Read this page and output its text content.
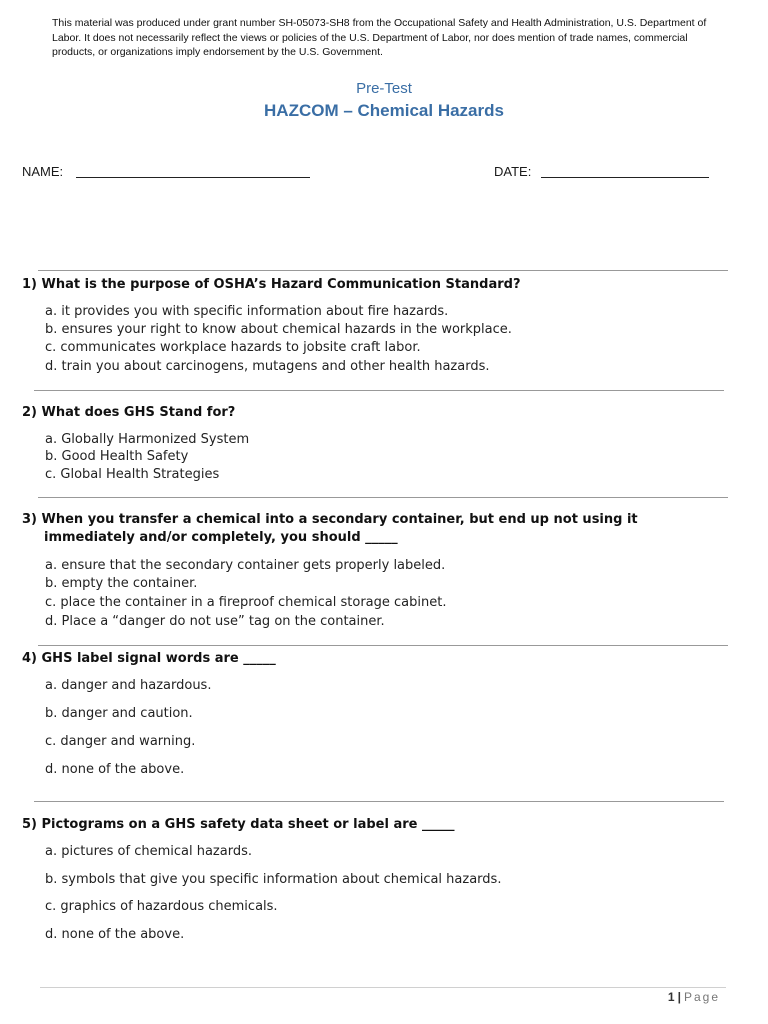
This material was produced under grant number SH-05073-SH8 from the Occupational Safety and Health Administration, U.S. Department of Labor. It does not necessarily reflect the views or policies of the U.S. Department of Labor, nor does mention of trade names, commercial products, or organizations imply endorsement by the U.S. Government.
Pre-Test
HAZCOM – Chemical Hazards
NAME:	DATE:
1) What is the purpose of OSHA’s Hazard Communication Standard?
a. it provides you with specific information about fire hazards.
b. ensures your right to know about chemical hazards in the workplace.
c. communicates workplace hazards to jobsite craft labor.
d. train you about carcinogens, mutagens and other health hazards.
2) What does GHS Stand for?
a. Globally Harmonized System
b. Good Health Safety
c. Global Health Strategies
3) When you transfer a chemical into a secondary container, but end up not using it immediately and/or completely, you should _____
a. ensure that the secondary container gets properly labeled.
b. empty the container.
c. place the container in a fireproof chemical storage cabinet.
d. Place a “danger do not use” tag on the container.
4) GHS label signal words are _____
a. danger and hazardous.
b. danger and caution.
c. danger and warning.
d. none of the above.
5) Pictograms on a GHS safety data sheet or label are _____
a. pictures of chemical hazards.
b. symbols that give you specific information about chemical hazards.
c. graphics of hazardous chemicals.
d. none of the above.
1 | Page
